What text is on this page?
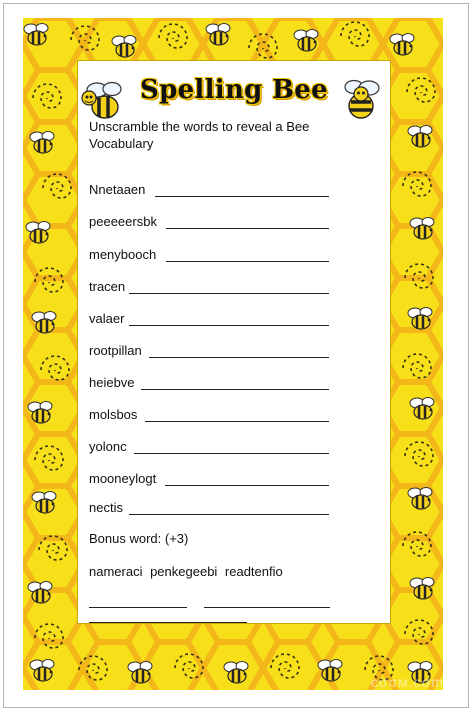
Spelling Bee
Unscramble the words to reveal a Bee Vocabulary
Nnetaaen
peeeeersbk
menybooch
tracen
valaer
rootpillan
heiebve
molsbos
yolonc
mooneylogt
nectis
Bonus word: (+3)
nameraci penkegeebi readtenfio
cσσм.cσm
